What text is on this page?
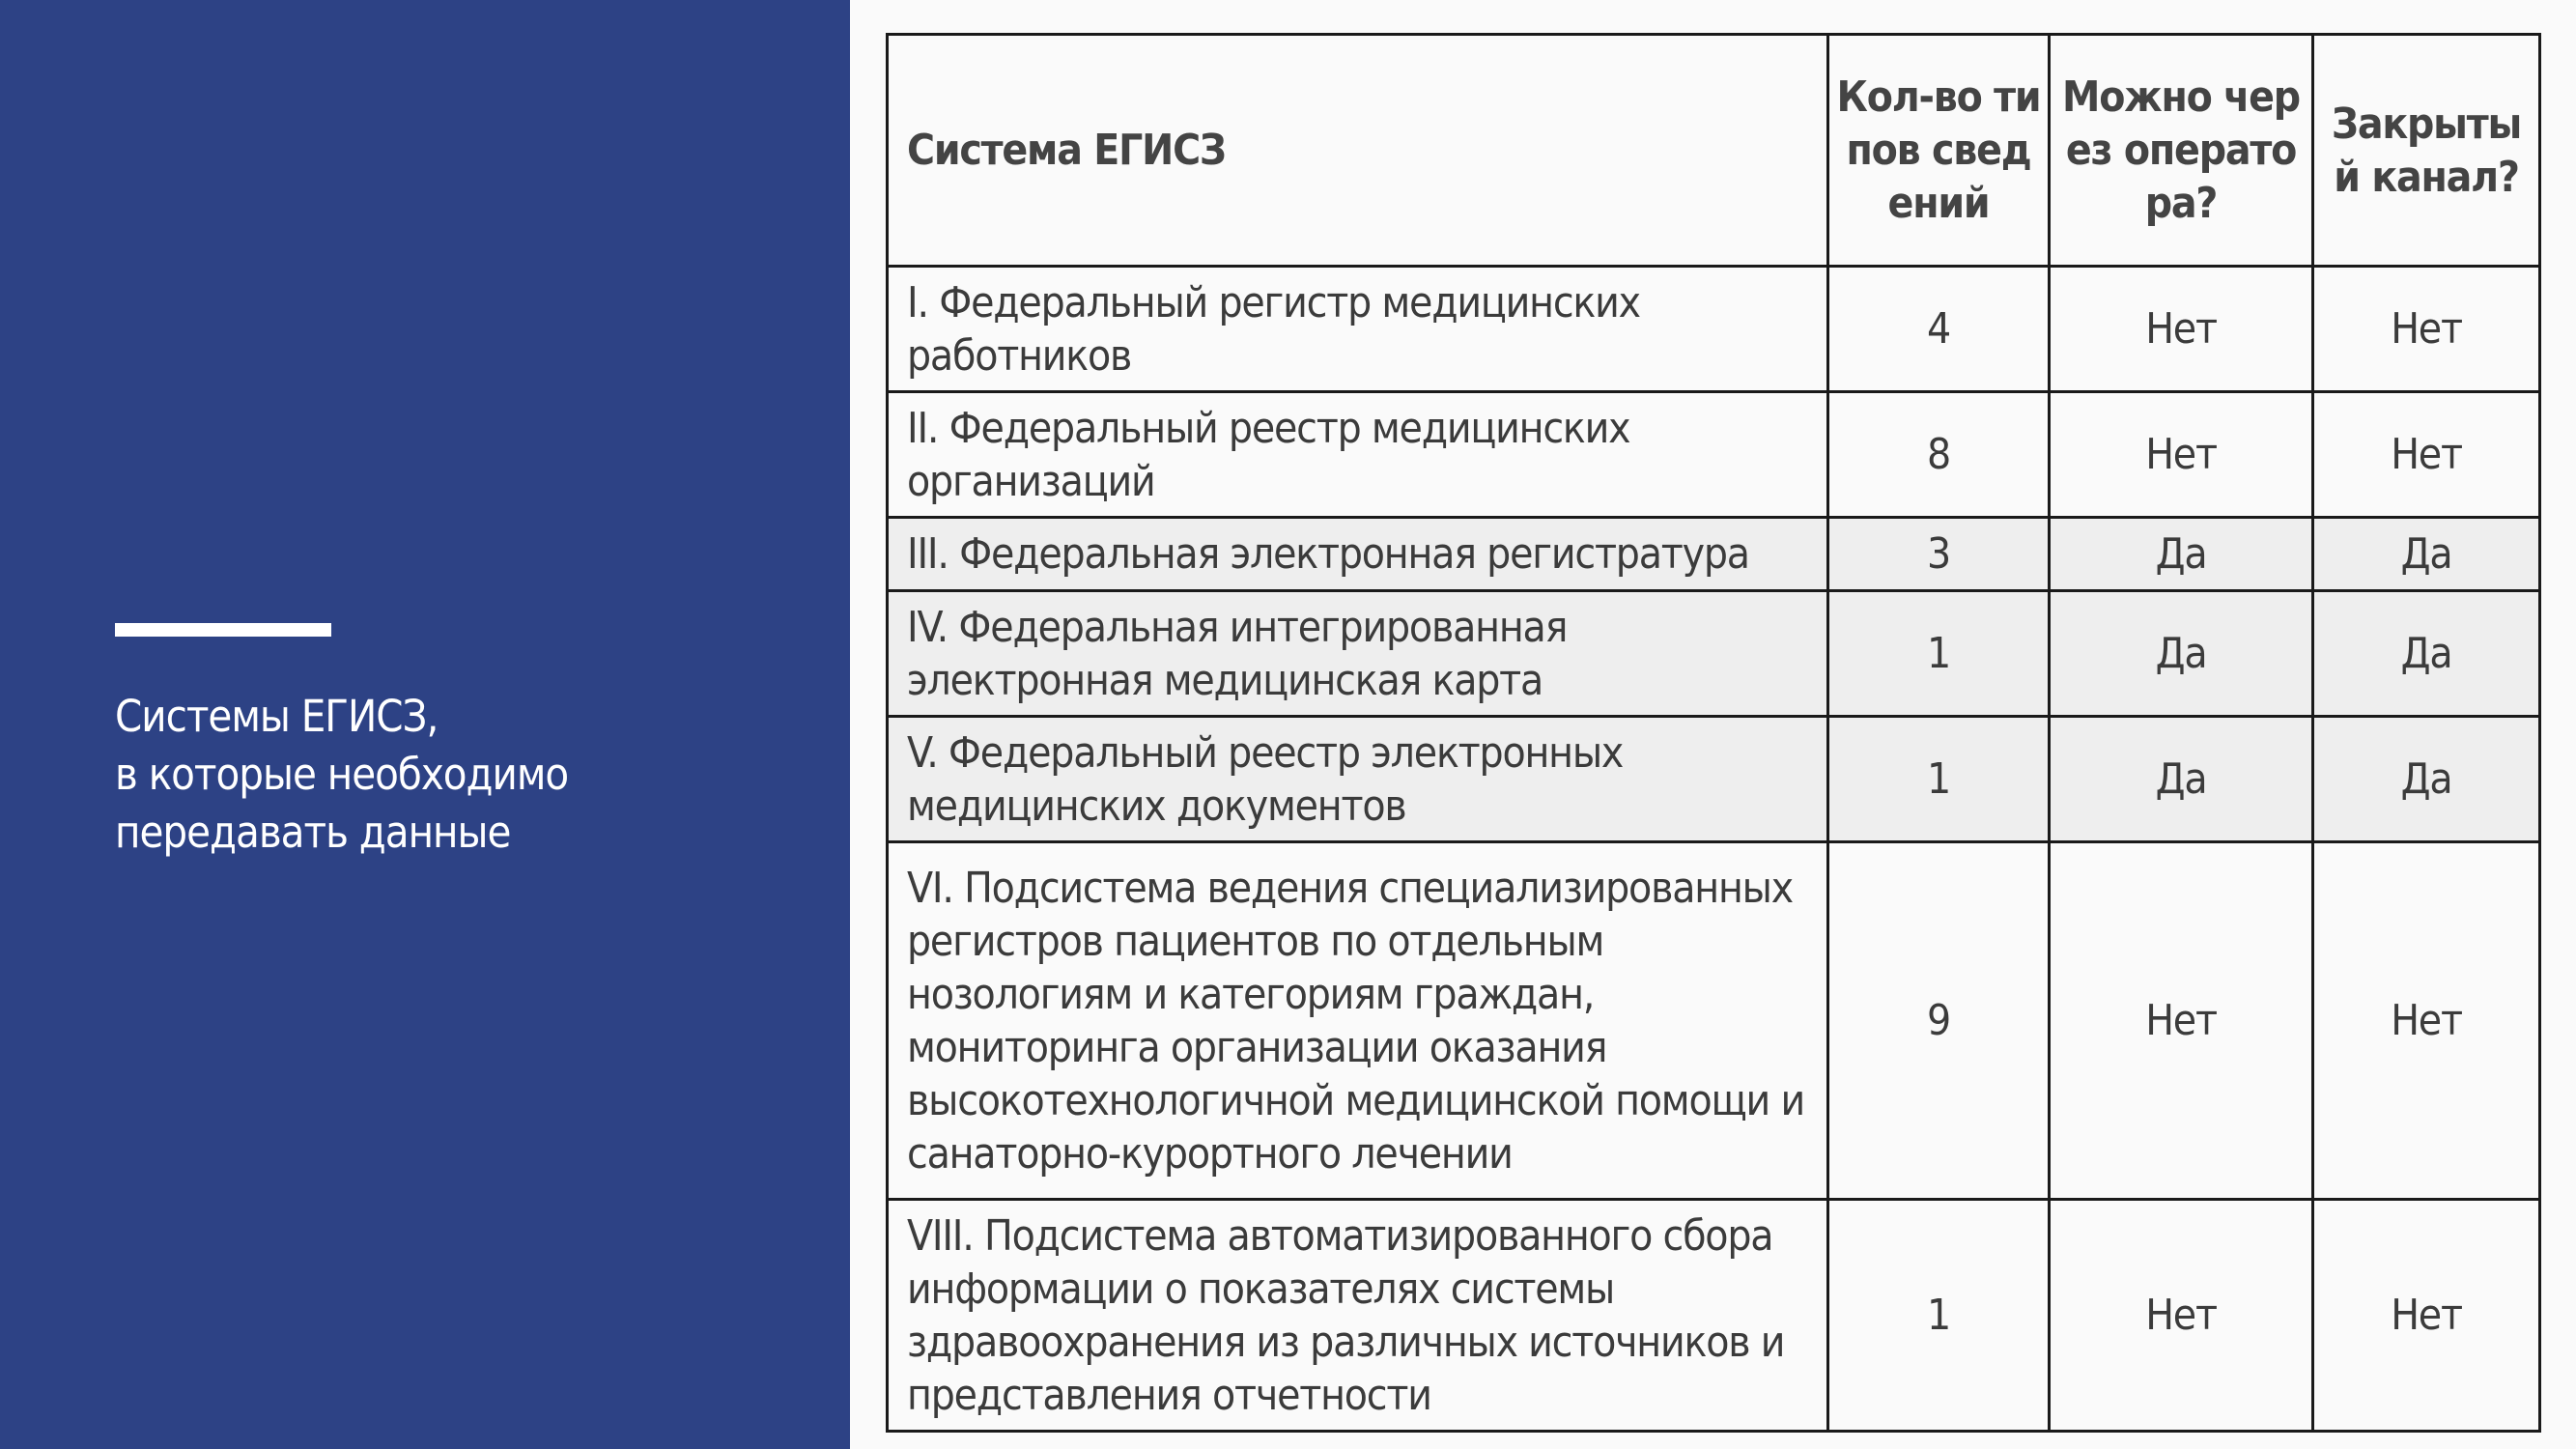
Системы ЕГИСЗ,
в которые необходимо
передавать данные
Система ЕГИСЗ	Кол-во типов сведений	Можно через оператора?	Закрытый канал?
I. Федеральный регистр медицинских работников	4	Нет	Нет
II. Федеральный реестр медицинских организаций	8	Нет	Нет
III. Федеральная электронная регистратура	3	Да	Да
IV. Федеральная интегрированная электронная медицинская карта	1	Да	Да
V. Федеральный реестр электронных медицинских документов	1	Да	Да
VI. Подсистема ведения специализированных регистров пациентов по отдельным нозологиям и категориям граждан, мониторинга организации оказания высокотехнологичной медицинской помощи и санаторно-курортного лечении	9	Нет	Нет
VIII. Подсистема автоматизированного сбора информации о показателях системы здравоохранения из различных источников и представления отчетности	1	Нет	Нет
